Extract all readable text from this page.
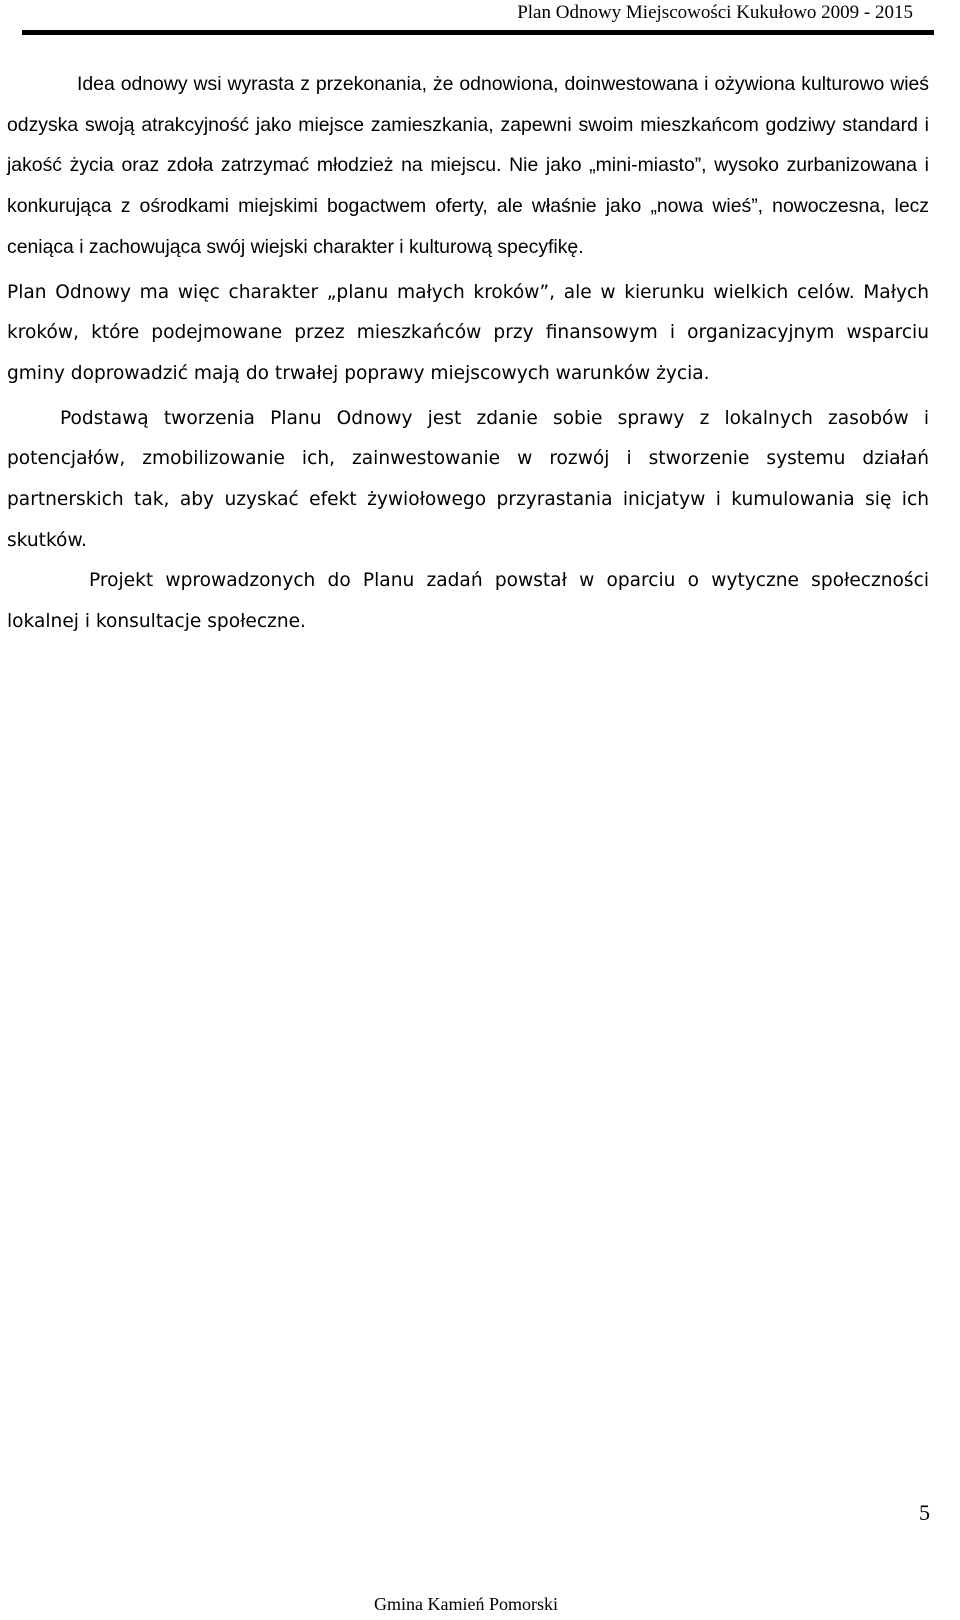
Plan Odnowy Miejscowości Kukułowo 2009 - 2015

Idea odnowy wsi wyrasta z przekonania, że odnowiona, doinwestowana i ożywiona kulturowo wieś odzyska swoją atrakcyjność jako miejsce zamieszkania, zapewni swoim mieszkańcom godziwy standard i jakość życia oraz zdoła zatrzymać młodzież na miejscu. Nie jako „mini-miasto”, wysoko zurbanizowana i konkurująca z ośrodkami miejskimi bogactwem oferty, ale właśnie jako „nowa wieś”, nowoczesna, lecz ceniąca i zachowująca swój wiejski charakter i kulturową specyfikę.

Plan Odnowy ma więc charakter „planu małych kroków”, ale w kierunku wielkich celów. Małych kroków, które podejmowane przez mieszkańców przy finansowym i organizacyjnym wsparciu gminy doprowadzić mają do trwałej poprawy miejscowych warunków życia.

Podstawą tworzenia Planu Odnowy jest zdanie sobie sprawy z lokalnych zasobów i potencjałów, zmobilizowanie ich, zainwestowanie w rozwój i stworzenie systemu działań partnerskich tak, aby uzyskać efekt żywiołowego przyrastania inicjatyw i kumulowania się ich skutków.

Projekt wprowadzonych do Planu zadań powstał w oparciu o wytyczne społeczności lokalnej i konsultacje społeczne.

5
Gmina Kamień Pomorski
